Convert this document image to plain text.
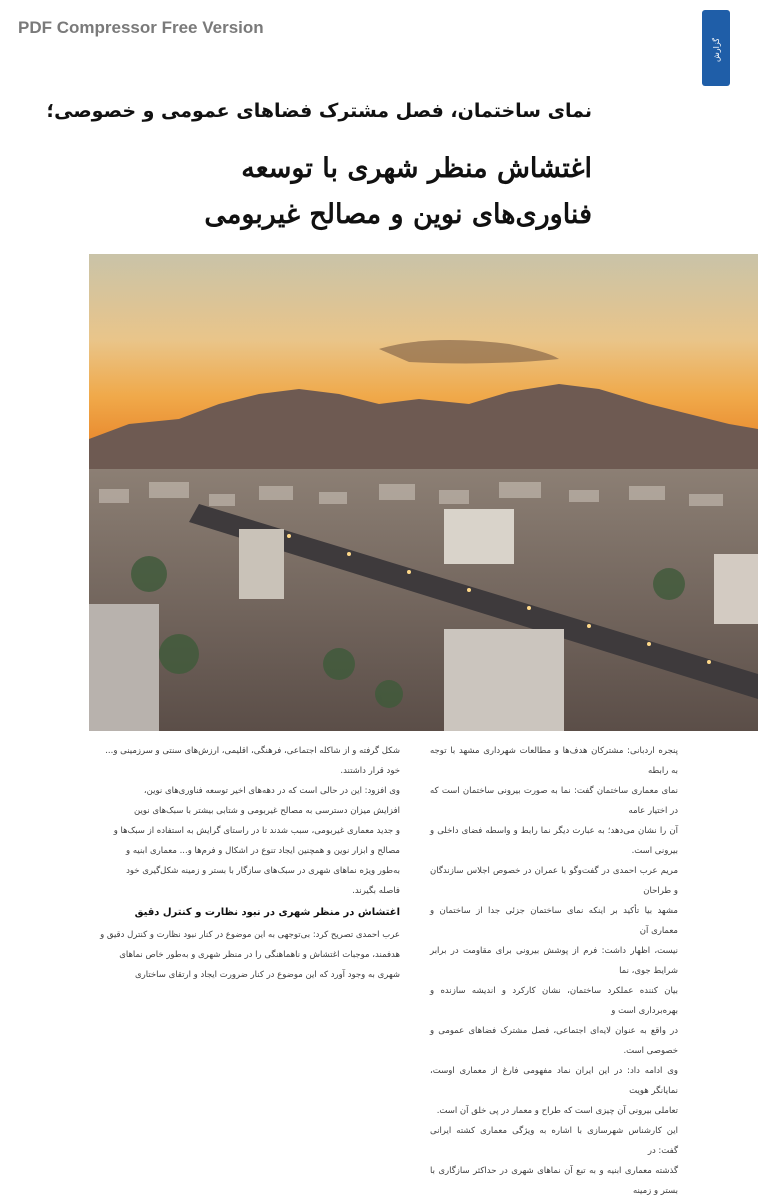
PDF Compressor Free Version
گزارش
نمای ساختمان، فصل مشترک فضاهای عمومی و خصوصی؛
اغتشاش منظر شهری با توسعه
فناوری‌های نوین و مصالح غیربومی

پنجره اردبانی: مشترکان هدف‌ها و مطالعات شهرداری مشهد با توجه به رابطه

نمای معماری ساختمان گفت: نما به صورت بیرونی ساختمان است که در اختیار عامه

آن را نشان می‌دهد؛ به عبارت دیگر نما رابط و واسطه فضای داخلی و بیرونی است.

مریم عرب احمدی در گفت‌وگو با عمران در خصوص اجلاس سازندگان و طراحان

مشهد بیا تأکید بر اینکه نمای ساختمان جزئی جدا از ساختمان و معماری آن

نیست، اظهار داشت: فرم از پوشش بیرونی برای مقاومت در برابر شرایط جوی، نما

بیان کننده عملکرد ساختمان، نشان کارکرد و اندیشه سازنده و بهره‌برداری است و

در واقع به عنوان لایه‌ای اجتماعی، فصل مشترک فضاهای عمومی و خصوصی است.

وی ادامه داد: در این ایران نماد مفهومی فارغ از معماری اوست، نمایانگر هویت

تعاملی بیرونی آن چیزی است که طراح و معمار در پی خلق آن است.

این کارشناس شهرسازی با اشاره به ویژگی معماری کشته ایرانی گفت: در

گذشته معماری ابنیه و به تبع آن نماهای شهری در حداکثر سازگاری با بستر و زمینه

شکل گرفته و از شاکله اجتماعی، فرهنگی، اقلیمی، ارزش‌های سنتی و سرزمینی و...

خود قرار داشتند.

وی افزود: این در حالی است که در دهه‌های اخیر توسعه فناوری‌های نوین،

افزایش میزان دسترسی به مصالح غیربومی و شتابی بیشتر با سبک‌های نوین

و جدید معماری غیربومی، سبب شدند تا در راستای گرایش به استفاده از سبک‌ها و

مصالح و ابزار نوین و همچنین ایجاد تنوع در اشکال و فرم‌ها و... معماری ابنیه و

به‌طور ویژه نماهای شهری در سبک‌های سازگار با بستر و زمینه شکل‌گیری خود

فاصله بگیرند.

اغتشاش در منظر شهری در نبود نظارت و کنترل دقیق

عرب احمدی تصریح کرد: بی‌توجهی به این موضوع در کنار نبود نظارت و کنترل دقیق و

هدفمند، موجبات اغتشاش و ناهماهنگی را در منظر شهری و به‌طور خاص نماهای

شهری به وجود آورد که این موضوع در کنار ضرورت ایجاد و ارتقای ساختاری
